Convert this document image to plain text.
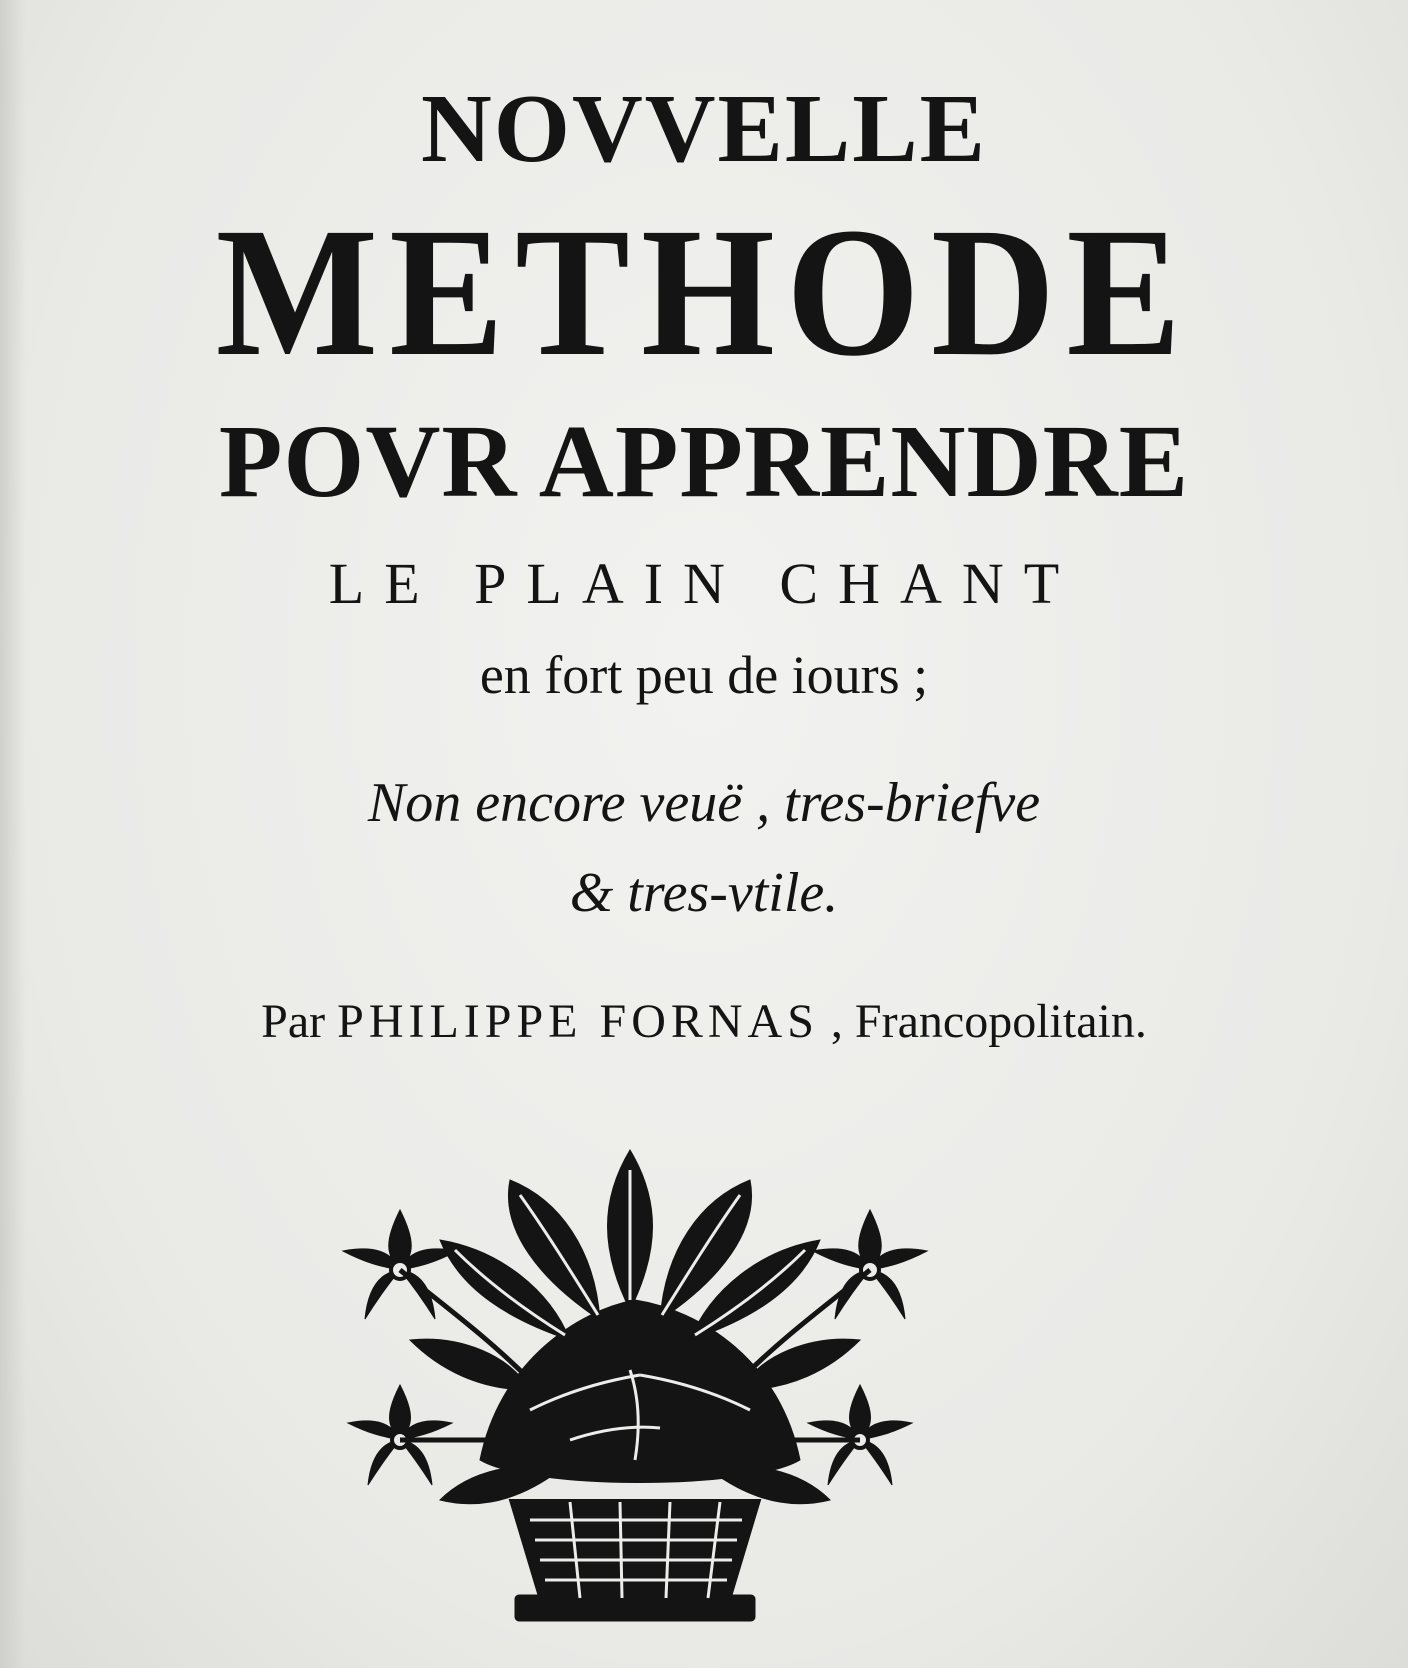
NOVVELLE
METHODE
POVR APPRENDRE
LE PLAIN CHANT
en fort peu de iours ;
Non encore veuë , tres-briefve
& tres-vtile.
Par PHILIPPE FORNAS , Francopolitain.
